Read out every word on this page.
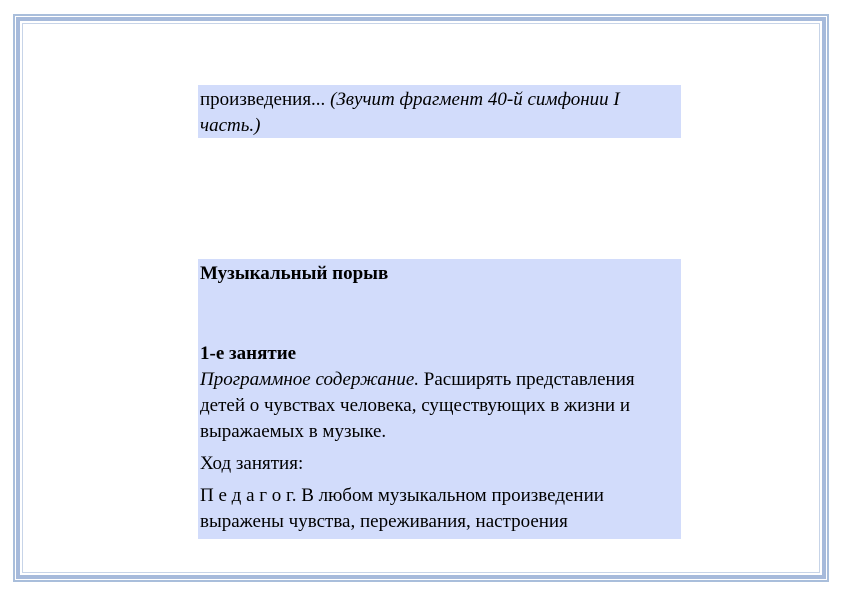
произведения... (Звучит фрагмент 40-й симфонии I часть.)

Музыкальный порыв

1-е занятие

Программное содержание. Расширять представления детей о чувствах человека, существующих в жизни и выражаемых в музыке.

Ход занятия:

П е д а г о г. В любом музыкальном произведении выражены чувства, переживания, настроения
